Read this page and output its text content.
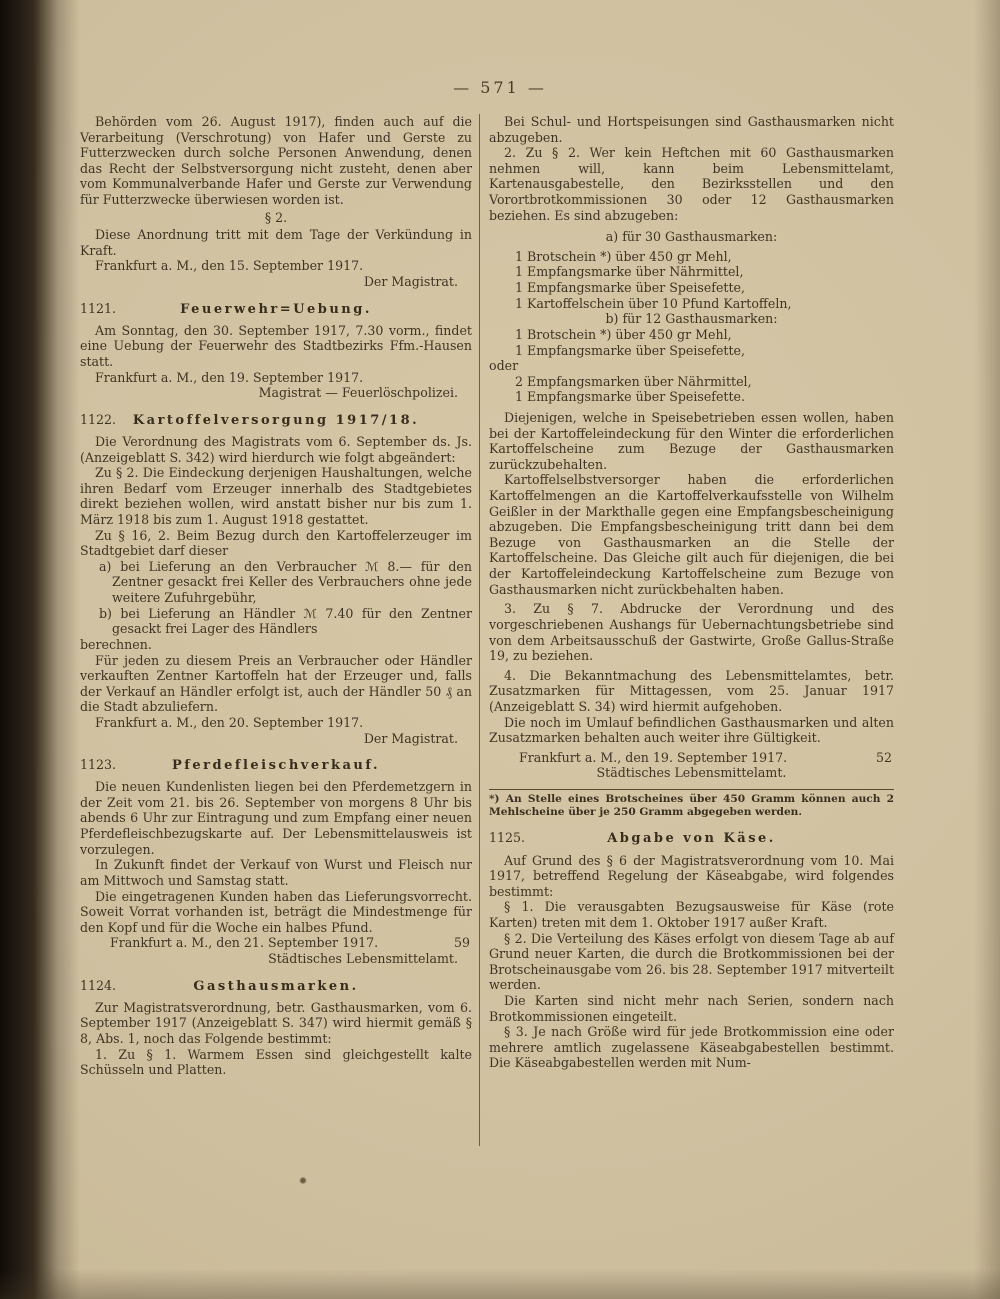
— 571 —

Behörden vom 26. August 1917), finden auch auf die Verarbeitung (Verschrotung) von Hafer und Gerste zu Futterzwecken durch solche Personen Anwendung, denen das Recht der Selbstversorgung nicht zusteht, denen aber vom Kommunalverbande Hafer und Gerste zur Verwendung für Futterzwecke überwiesen worden ist.

§ 2.

Diese Anordnung tritt mit dem Tage der Verkündung in Kraft.

Frankfurt a. M., den 15. September 1917.

Der Magistrat.
1121.	Feuerwehr=Uebung.

Am Sonntag, den 30. September 1917, 7.30 vorm., findet eine Uebung der Feuerwehr des Stadtbezirks Ffm.-Hausen statt.

Frankfurt a. M., den 19. September 1917.

Magistrat — Feuerlöschpolizei.
1122. Kartoffelversorgung 1917/18.

Die Verordnung des Magistrats vom 6. September ds. Js. (Anzeigeblatt S. 342) wird hierdurch wie folgt abgeändert:

Zu § 2. Die Eindeckung derjenigen Haushaltungen, welche ihren Bedarf vom Erzeuger innerhalb des Stadtgebietes direkt beziehen wollen, wird anstatt bisher nur bis zum 1. März 1918 bis zum 1. August 1918 gestattet.

Zu § 16, 2. Beim Bezug durch den Kartoffelerzeuger im Stadtgebiet darf dieser

a) bei Lieferung an den Verbraucher ℳ 8.— für den Zentner gesackt frei Keller des Verbrauchers ohne jede weitere Zufuhrgebühr,

b) bei Lieferung an Händler ℳ 7.40 für den Zentner gesackt frei Lager des Händlers

berechnen.

Für jeden zu diesem Preis an Verbraucher oder Händler verkauften Zentner Kartoffeln hat der Erzeuger und, falls der Verkauf an Händler erfolgt ist, auch der Händler 50 ₰ an die Stadt abzuliefern.

Frankfurt a. M., den 20. September 1917.

Der Magistrat.
1123.	Pferdefleischverkauf.

Die neuen Kundenlisten liegen bei den Pferdemetzgern in der Zeit vom 21. bis 26. September von morgens 8 Uhr bis abends 6 Uhr zur Eintragung und zum Empfang einer neuen Pferdefleischbezugskarte auf. Der Lebensmittelausweis ist vorzulegen.

In Zukunft findet der Verkauf von Wurst und Fleisch nur am Mittwoch und Samstag statt.

Die eingetragenen Kunden haben das Lieferungsvorrecht. Soweit Vorrat vorhanden ist, beträgt die Mindestmenge für den Kopf und für die Woche ein halbes Pfund.

Frankfurt a. M., den 21. September 1917.	59
Städtisches Lebensmittelamt.
1124.	Gasthausmarken.

Zur Magistratsverordnung, betr. Gasthausmarken, vom 6. September 1917 (Anzeigeblatt S. 347) wird hiermit gemäß § 8, Abs. 1, noch das Folgende bestimmt:

1. Zu § 1. Warmem Essen sind gleichgestellt kalte Schüsseln und Platten.

Bei Schul- und Hortspeisungen sind Gasthausmarken nicht abzugeben.

2. Zu § 2. Wer kein Heftchen mit 60 Gasthausmarken nehmen will, kann beim Lebensmittelamt, Kartenausgabestelle, den Bezirksstellen und den Vorortbrotkommissionen 30 oder 12 Gasthausmarken beziehen. Es sind abzugeben:

a) für 30 Gasthausmarken:

1 Brotschein *) über 450 gr Mehl,

1 Empfangsmarke über Nährmittel,

1 Empfangsmarke über Speisefette,

1 Kartoffelschein über 10 Pfund Kartoffeln,

b) für 12 Gasthausmarken:

1 Brotschein *) über 450 gr Mehl,

1 Empfangsmarke über Speisefette,

oder

2 Empfangsmarken über Nährmittel,

1 Empfangsmarke über Speisefette.

Diejenigen, welche in Speisebetrieben essen wollen, haben bei der Kartoffeleindeckung für den Winter die erforderlichen Kartoffelscheine zum Bezuge der Gasthausmarken zurückzubehalten.

Kartoffelselbstversorger haben die erforderlichen Kartoffelmengen an die Kartoffelverkaufsstelle von Wilhelm Geißler in der Markthalle gegen eine Empfangsbescheinigung abzugeben. Die Empfangsbescheinigung tritt dann bei dem Bezuge von Gasthausmarken an die Stelle der Kartoffelscheine. Das Gleiche gilt auch für diejenigen, die bei der Kartoffeleindeckung Kartoffelscheine zum Bezuge von Gasthausmarken nicht zurückbehalten haben.

3. Zu § 7. Abdrucke der Verordnung und des vorgeschriebenen Aushangs für Uebernachtungsbetriebe sind von dem Arbeitsausschuß der Gastwirte, Große Gallus-Straße 19, zu beziehen.

4. Die Bekanntmachung des Lebensmittelamtes, betr. Zusatzmarken für Mittagessen, vom 25. Januar 1917 (Anzeigeblatt S. 34) wird hiermit aufgehoben.

Die noch im Umlauf befindlichen Gasthausmarken und alten Zusatzmarken behalten auch weiter ihre Gültigkeit.

Frankfurt a. M., den 19. September 1917.	52
Städtisches Lebensmittelamt.

*) An Stelle eines Brotscheines über 450 Gramm können auch 2 Mehlscheine über je 250 Gramm abgegeben werden.

1125.	Abgabe von Käse.

Auf Grund des § 6 der Magistratsverordnung vom 10. Mai 1917, betreffend Regelung der Käseabgabe, wird folgendes bestimmt:

§ 1. Die verausgabten Bezugsausweise für Käse (rote Karten) treten mit dem 1. Oktober 1917 außer Kraft.

§ 2. Die Verteilung des Käses erfolgt von diesem Tage ab auf Grund neuer Karten, die durch die Brotkommissionen bei der Brotscheinausgabe vom 26. bis 28. September 1917 mitverteilt werden.

Die Karten sind nicht mehr nach Serien, sondern nach Brotkommissionen eingeteilt.

§ 3. Je nach Größe wird für jede Brotkommission eine oder mehrere amtlich zugelassene Käseabgabestellen bestimmt. Die Käseabgabestellen werden mit Num-
